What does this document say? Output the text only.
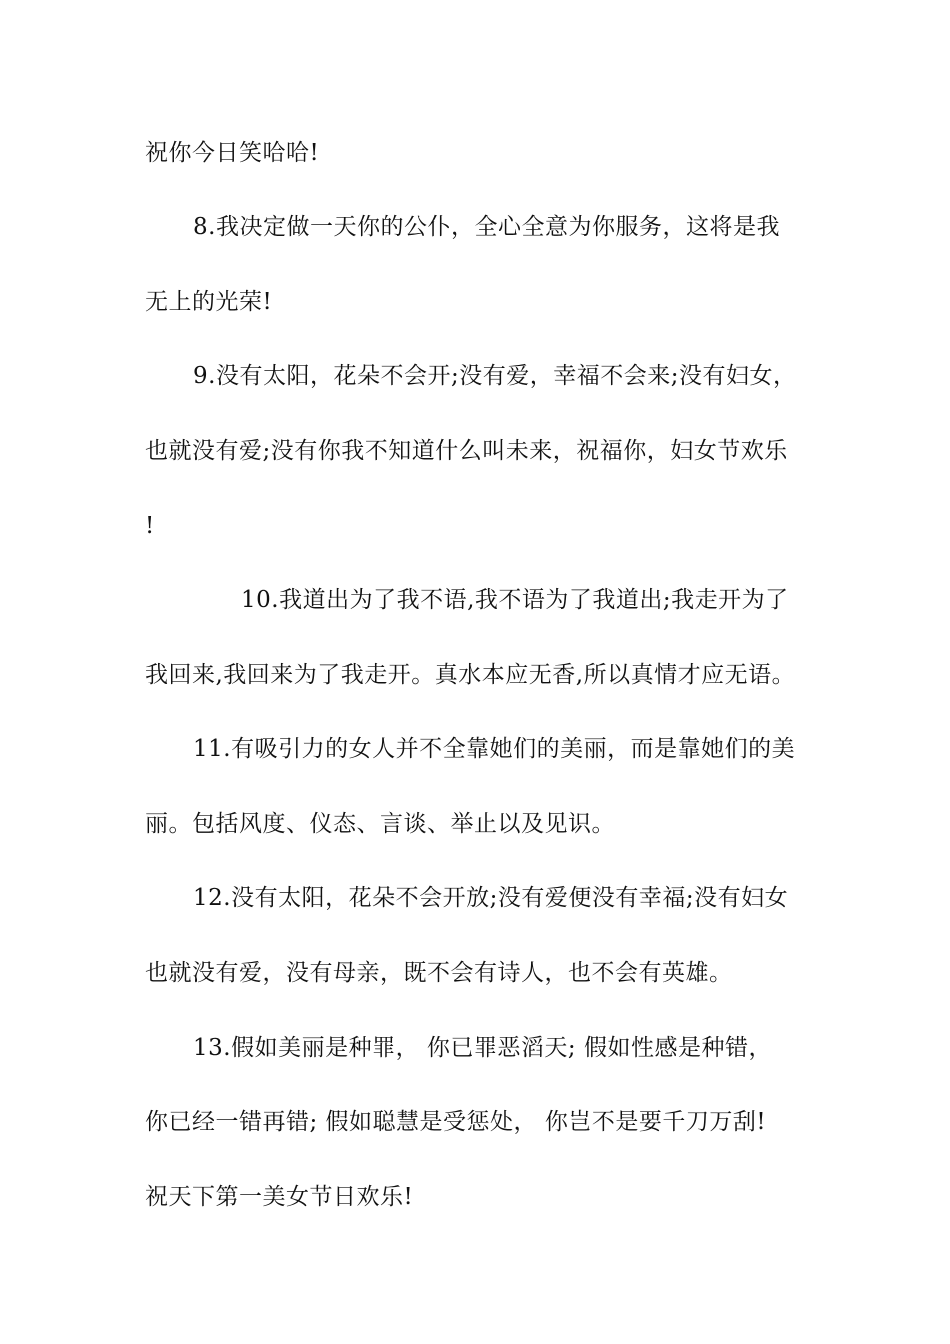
祝你今日笑哈哈!
8.我决定做一天你的公仆，全心全意为你服务，这将是我
无上的光荣!
9.没有太阳，花朵不会开;没有爱，幸福不会来;没有妇女，
也就没有爱;没有你我不知道什么叫未来，祝福你，妇女节欢乐
!
10.我道出为了我不语,我不语为了我道出;我走开为了
我回来,我回来为了我走开。真水本应无香,所以真情才应无语。
11.有吸引力的女人并不全靠她们的美丽，而是靠她们的美
丽。包括风度、仪态、言谈、举止以及见识。
12.没有太阳，花朵不会开放;没有爱便没有幸福;没有妇女
也就没有爱，没有母亲，既不会有诗人，也不会有英雄。
13.假如美丽是种罪， 你已罪恶滔天; 假如性感是种错，
你已经一错再错; 假如聪慧是受惩处， 你岂不是要千刀万刮!
祝天下第一美女节日欢乐!
